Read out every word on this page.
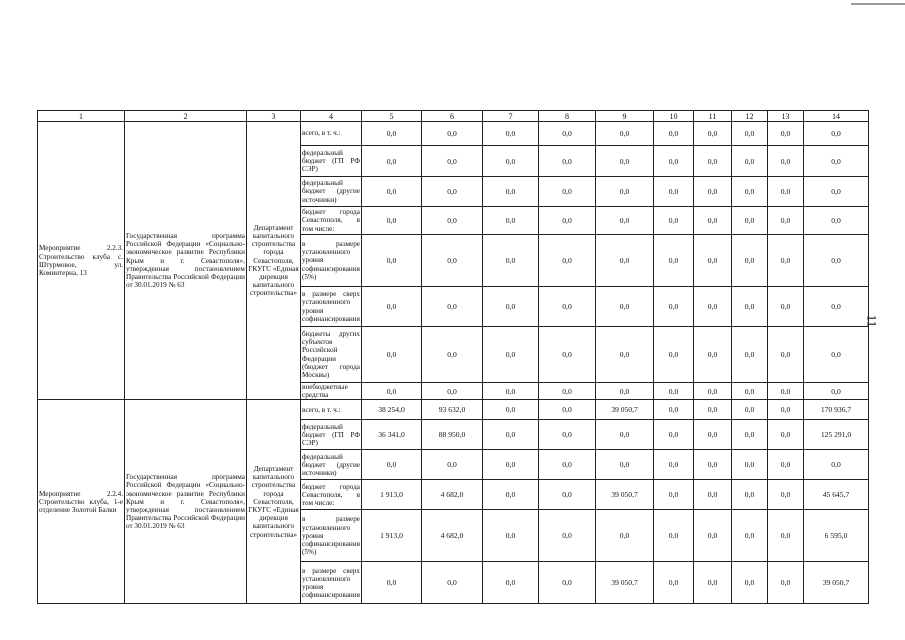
11
1	2	3	4	5	6	7	8	9	10	11	12	13	14
Мероприятие 2.2.3. Строительство клуба с. Штурмовое, ул. Коминтерна, 13	Государственная программа Российской Федерации «Социально-экономическое развитие Республики Крым и г. Севастополя», утвержденная постановлением Правительства Российской Федерации от 30.01.2019 № 63	Департамент капитального строительства города Севастополя, ГКУГС «Единая дирекция капитального строительства»	всего, в т. ч.:	0,0	0,0	0,0	0,0	0,0	0,0	0,0	0,0	0,0	0,0
			федеральный бюджет (ГП РФ СЭР)	0,0	0,0	0,0	0,0	0,0	0,0	0,0	0,0	0,0	0,0
			федеральный бюджет (другие источники)	0,0	0,0	0,0	0,0	0,0	0,0	0,0	0,0	0,0	0,0
			бюджет города Севастополя, в том числе:	0,0	0,0	0,0	0,0	0,0	0,0	0,0	0,0	0,0	0,0
			в размере установленного уровня софинансирования (5%)	0,0	0,0	0,0	0,0	0,0	0,0	0,0	0,0	0,0	0,0
			в размере сверх установленного уровня софинансирования	0,0	0,0	0,0	0,0	0,0	0,0	0,0	0,0	0,0	0,0
			бюджеты других субъектов Российской Федерации (бюджет города Москвы)	0,0	0,0	0,0	0,0	0,0	0,0	0,0	0,0	0,0	0,0
			внебюджетные средства	0,0	0,0	0,0	0,0	0,0	0,0	0,0	0,0	0,0	0,0
Мероприятие 2.2.4. Строительство клуба, 1-е отделение Золотой Балки	Государственная программа Российской Федерации «Социально-экономическое развитие Республики Крым и г. Севастополя», утвержденная постановлением Правительства Российской Федерации от 30.01.2019 № 63	Департамент капитального строительства города Севастополя, ГКУГС «Единая дирекция капитального строительства»	всего, в т. ч.:	38 254,0	93 632,0	0,0	0,0	39 050,7	0,0	0,0	0,0	0,0	170 936,7
			федеральный бюджет (ГП РФ СЭР)	36 341,0	88 950,0	0,0	0,0	0,0	0,0	0,0	0,0	0,0	125 291,0
			федеральный бюджет (другие источники)	0,0	0,0	0,0	0,0	0,0	0,0	0,0	0,0	0,0	0,0
			бюджет города Севастополя, в том числе:	1 913,0	4 682,0	0,0	0,0	39 050,7	0,0	0,0	0,0	0,0	45 645,7
			в размере установленного уровня софинансирования (5%)	1 913,0	4 682,0	0,0	0,0	0,0	0,0	0,0	0,0	0,0	6 595,0
			в размере сверх установленного уровня софинансирования	0,0	0,0	0,0	0,0	39 050,7	0,0	0,0	0,0	0,0	39 050,7
